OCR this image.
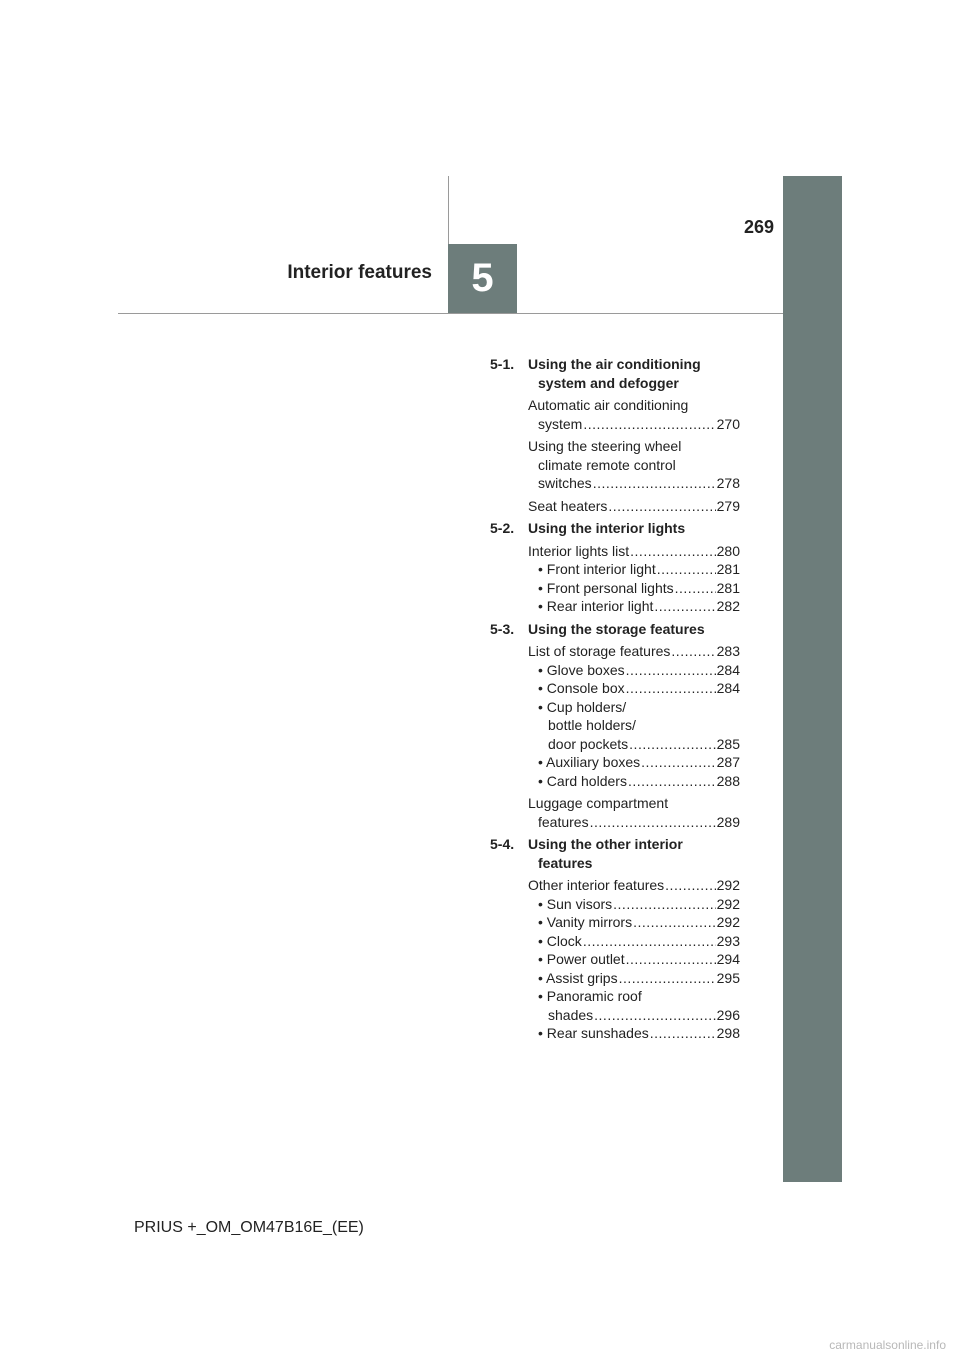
5
Interior features
269
5-1. Using the air conditioning
system and defogger
Automatic air conditioning
system .....	270
Using the steering wheel
climate remote control
switches .....	278
Seat heaters .....	279
5-2. Using the interior lights
Interior lights list .....	280
• Front interior light .....	281
• Front personal lights .....	281
• Rear interior light .....	282
5-3. Using the storage features
List of storage features .....	283
• Glove boxes .....	284
• Console box .....	284
• Cup holders/
bottle holders/
door pockets .....	285
• Auxiliary boxes .....	287
• Card holders .....	288
Luggage compartment
features .....	289
5-4. Using the other interior
features
Other interior features .....	292
• Sun visors .....	292
• Vanity mirrors .....	292
• Clock .....	293
• Power outlet .....	294
• Assist grips .....	295
• Panoramic roof
shades .....	296
• Rear sunshades .....	298
PRIUS +_OM_OM47B16E_(EE)
carmanualsonline.info
